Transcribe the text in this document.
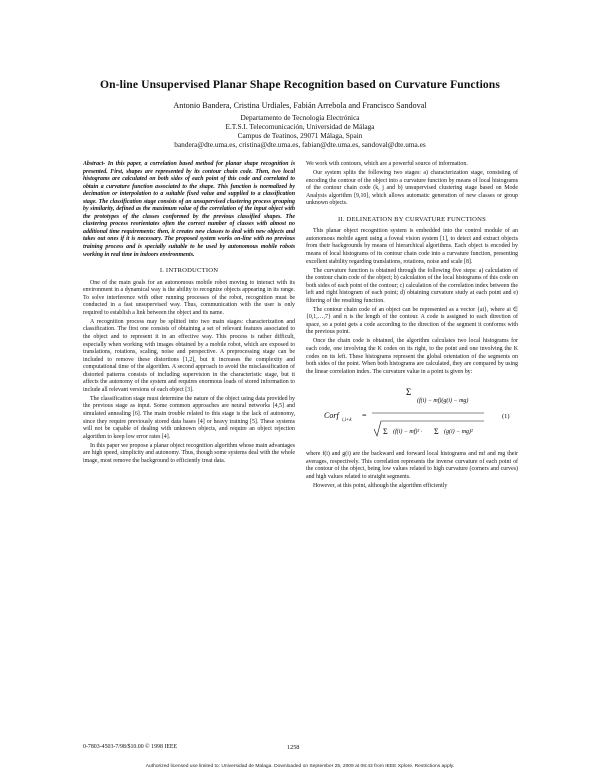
On-line Unsupervised Planar Shape Recognition based on Curvature Functions
Antonio Bandera, Cristina Urdiales, Fabián Arrebola and Francisco Sandoval
Departamento de Tecnología Electrónica
E.T.S.I. Telecomunicación, Universidad de Málaga
Campus de Teatinos, 29071 Málaga, Spain
bandera@dte.uma.es, cristina@dte.uma.es, fabian@dte.uma.es, sandoval@dte.uma.es

Abstract- In this paper, a correlation based method for planar shape recognition is presented. First, shapes are represented by its contour chain code. Then, two local histograms are calculated on both sides of each point of this code and correlated to obtain a curvature function associated to the shape. This function is normalized by decimation or interpolation to a suitable fixed value and supplied to a classification stage. The classification stage consists of an unsupervised clustering process grouping by similarity, defined as the maximum value of the correlation of the input object with the prototypes of the classes conformed by the previous classified shapes. The clustering process reorientates often the correct number of classes with almost no additional time requirements: then, it creates new classes to deal with new objects and takes out ones if it is necessary. The proposed system works on-line with no previous training process and is specially suitable to be used by autonomous mobile robots working in real time in indoors environments.

I. INTRODUCTION

One of the main goals for an autonomous mobile robot moving to interact with its environment in a dynamical way is the ability to recognize objects appearing in its range. To solve interference with other running processes of the robot, recognition must be conducted in a fast unsupervised way. Thus, communication with the user is only required to establish a link between the object and its name.

A recognition process may be splitted into two main stages: characterization and classification. The first one consists of obtaining a set of relevant features associated to the object and to represent it in an effective way. This process is rather difficult, especially when working with images obtained by a mobile robot, which are exposed to translations, rotations, scaling, noise and perspective. A preprocessing stage can be included to remove these distortions [1,2], but it increases the complexity and computational time of the algorithm. A second approach to avoid the misclassification of distorted patterns consists of including supervision in the characteristic stage, but it affects the autonomy of the system and requires enormous loads of stored information to include all relevant versions of each object [3].

The classification stage must determine the nature of the object using data provided by the previous stage as input. Some common approaches are neural networks [4,5] and simulated annealing [6]. The main trouble related to this stage is the lack of autonomy, since they require previously stored data bases [4] or heavy training [5]. These systems will not be capable of dealing with unknown objects, and require an object rejection algorithm to keep low error rates [4].

In this paper we propose a planar object recognition algorithm whose main advantages are high speed, simplicity and autonomy. Thus, though some systems deal with the whole image, most remove the background to efficiently treat data.

We work with contours, which are a powerful source of information.

Our system splits the following two stages: a) characterization stage, consisting of encoding the contour of the object into a curvature function by means of local histograms of the contour chain code (k, j and b) unsupervised clustering stage based on Mode Analysis algorithm [9,10], which allows automatic generation of new classes or group unknown objects.

II. DELINEATION BY CURVATURE FUNCTIONS

This planar object recognition system is embedded into the control module of an autonomous mobile agent using a foveal vision system [1], to detect and extract objects from their backgrounds by means of hierarchical algorithms. Each object is encoded by means of local histograms of its contour chain code into a curvature function, presenting excellent stability regarding translations, rotations, noise and scale [8].

The curvature function is obtained through the following five steps: a) calculation of the contour chain code of the object; b) calculation of the local histograms of this code on both sides of each point of the contour; c) calculation of the correlation index between the left and right histogram of each point; d) obtaining curvature study at each point and e) filtering of the resulting function.

The contour chain code of an object can be represented as a vector {ai}, where ai ∈ {0,1,…,7} and n is the length of the contour. A code is assigned to each direction of space, so a point gets a code according to the direction of the segment it conforms with the previous point.

Once the chain code is obtained, the algorithm calculates two local histograms for each code, one involving the K codes on its right, to the point and one involving the K codes on its left. These histograms represent the global orientation of the segments on both sides of the point. When both histograms are calculated, they are compared by using the linear correlation index. The curvature value in a point is given by:

Corf
i,i+k
=
Σ
(f(i) − mf)(g(i) − mg)
Σ (f(i) − mf)² · Σ (g(i) − mg)²
(1)

where f(i) and g(i) are the backward and forward local histograms and mf and mg their averages, respectively. This correlation represents the inverse curvature of each point of the contour of the object, being low values related to high curvature (corners and curves) and high values related to straight segments.

However, at this point, although the algorithm efficiently

0-7803-4503-7/98/$10.00 © 1998 IEEE	1258
Authorized licensed use limited to: Universidad de Malaga. Downloaded on September 25, 2009 at 08:43 from IEEE Xplore. Restrictions apply.
